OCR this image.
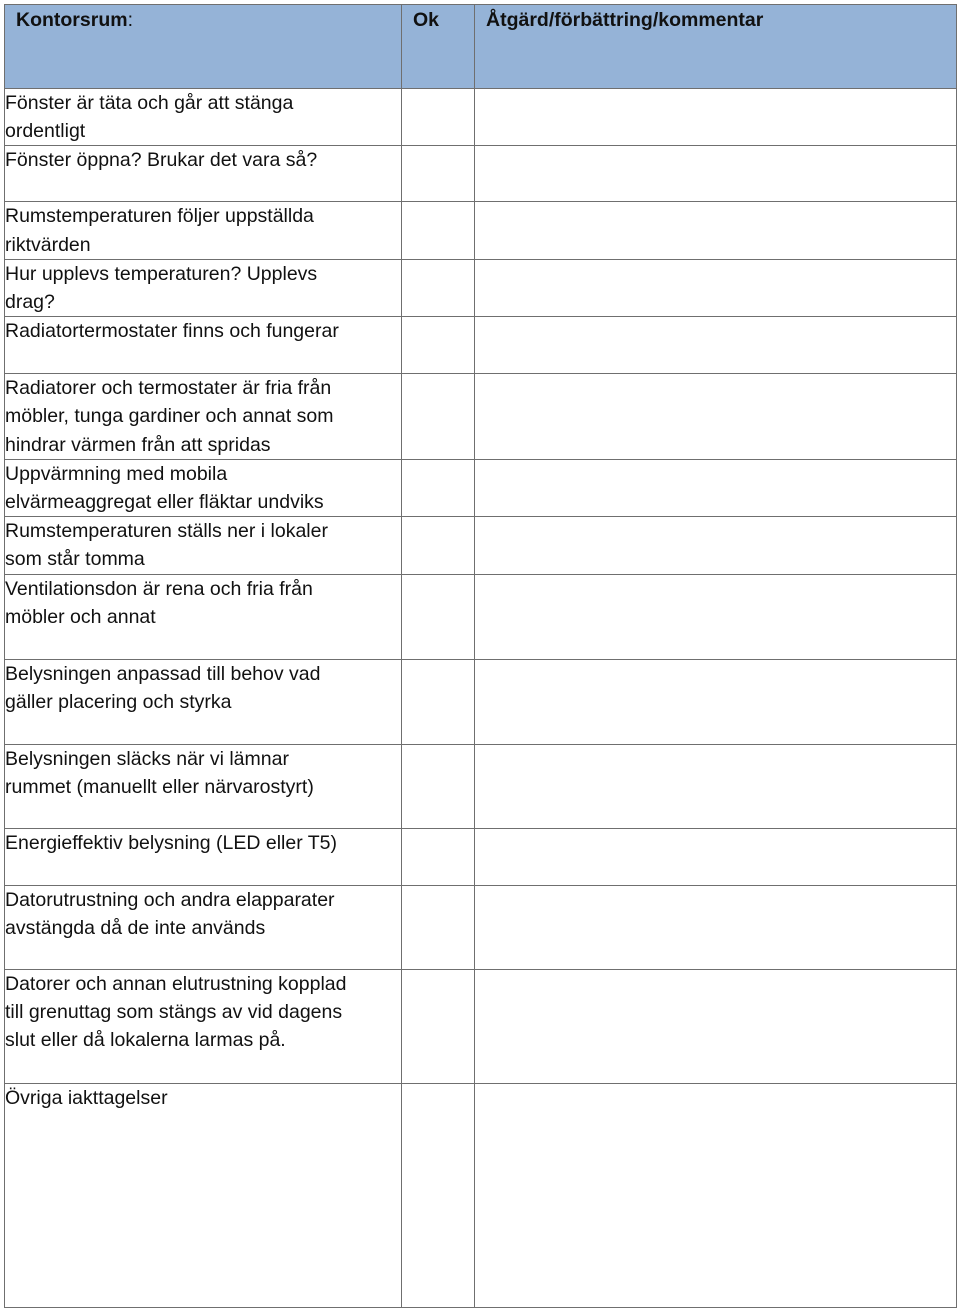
Kontorsrum:	Ok	Åtgärd/förbättring/kommentar

Fönster är täta och går att stänga
ordentligt		

Fönster öppna? Brukar det vara så?		

Rumstemperaturen följer uppställda
riktvärden		

Hur upplevs temperaturen? Upplevs
drag?		

Radiatortermostater finns och fungerar		

Radiatorer och termostater är fria från
möbler, tunga gardiner och annat som
hindrar värmen från att spridas		

Uppvärmning med mobila
elvärmeaggregat eller fläktar undviks		

Rumstemperaturen ställs ner i lokaler
som står tomma		

Ventilationsdon är rena och fria från
möbler och annat		

Belysningen anpassad till behov vad
gäller placering och styrka		

Belysningen släcks när vi lämnar
rummet (manuellt eller närvarostyrt)		

Energieffektiv belysning (LED eller T5)		

Datorutrustning och andra elapparater
avstängda då de inte används		

Datorer och annan elutrustning kopplad
till grenuttag som stängs av vid dagens
slut eller då lokalerna larmas på.		

Övriga iakttagelser		
